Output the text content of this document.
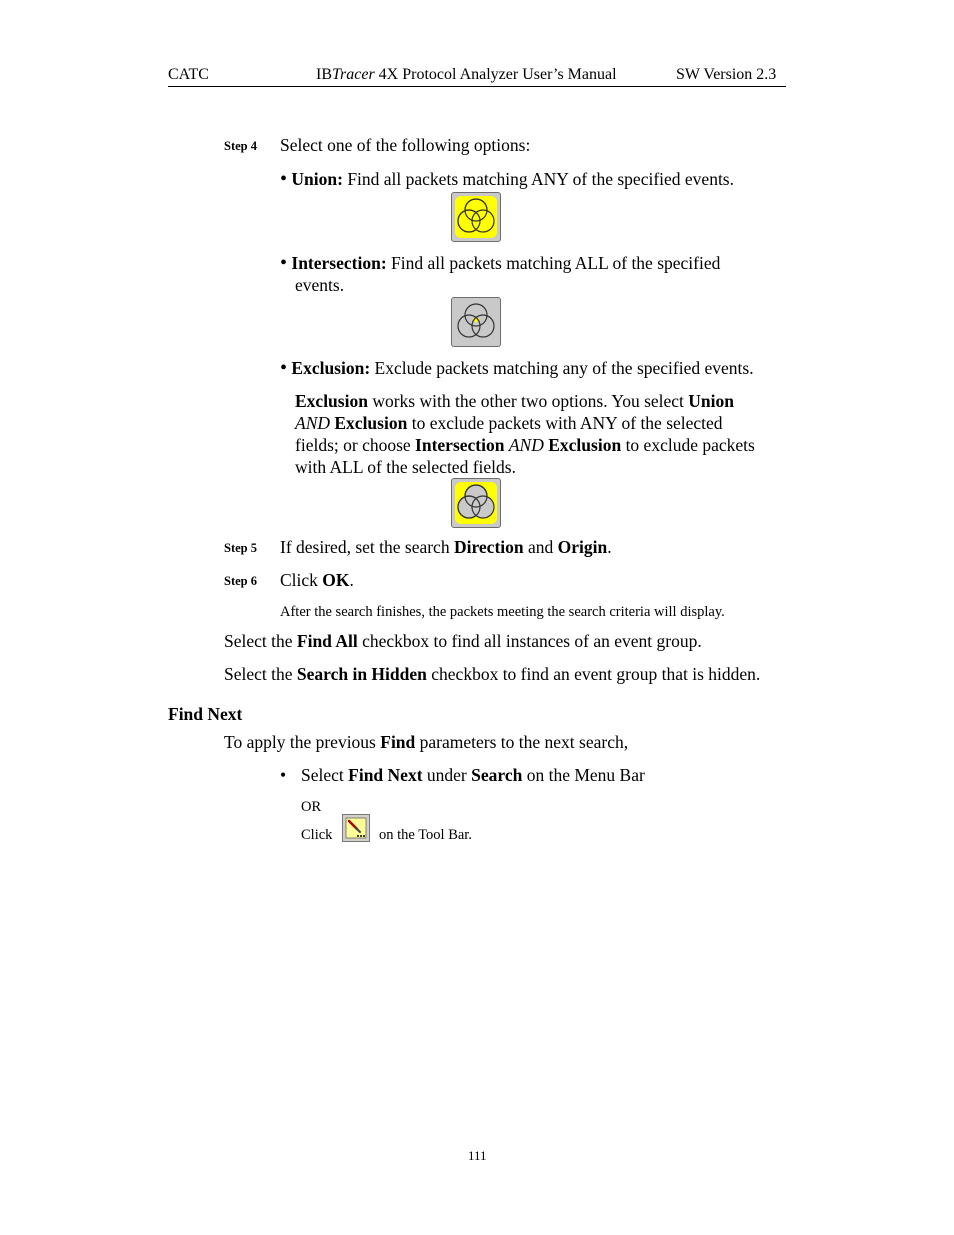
CATC	IBTracer 4X Protocol Analyzer User’s Manual	SW Version 2.3
Step 4 Select one of the following options:
• Union: Find all packets matching ANY of the specified events.
• Intersection: Find all packets matching ALL of the specified
events.
• Exclusion: Exclude packets matching any of the specified events.
Exclusion works with the other two options. You select Union
AND Exclusion to exclude packets with ANY of the selected
fields; or choose Intersection AND Exclusion to exclude packets
with ALL of the selected fields.
Step 5 If desired, set the search Direction and Origin.
Step 6 Click OK.
After the search finishes, the packets meeting the search criteria will display.
Select the Find All checkbox to find all instances of an event group.
Select the Search in Hidden checkbox to find an event group that is hidden.
Find Next
To apply the previous Find parameters to the next search,
• Select Find Next under Search on the Menu Bar
OR
Click	on the Tool Bar.
111
